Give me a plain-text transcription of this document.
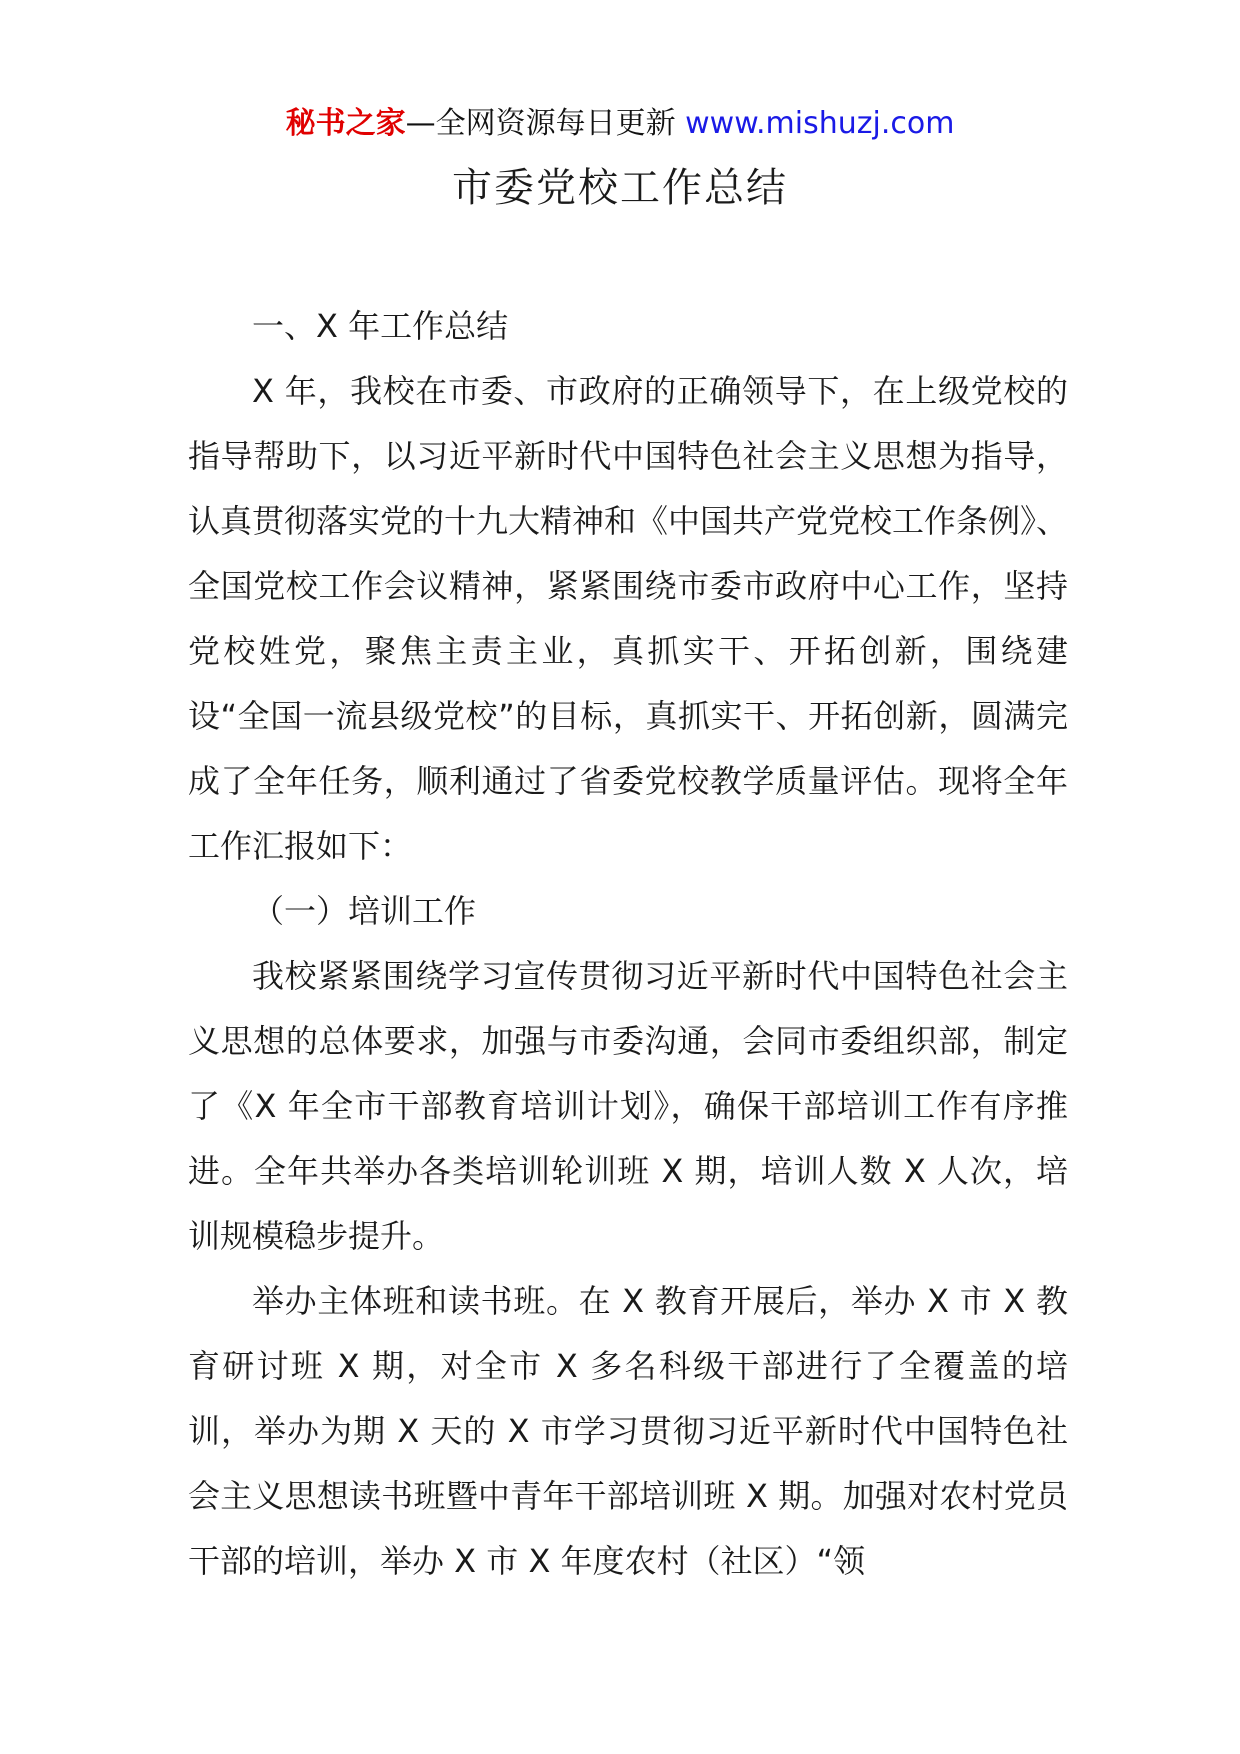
秘书之家—全网资源每日更新 www.mishuzj.com
市委党校工作总结

一、X 年工作总结

X 年，我校在市委、市政府的正确领导下，在上级党校的指导帮助下，以习近平新时代中国特色社会主义思想为指导，认真贯彻落实党的十九大精神和《中国共产党党校工作条例》、全国党校工作会议精神，紧紧围绕市委市政府中心工作，坚持党校姓党，聚焦主责主业，真抓实干、开拓创新，围绕建设“全国一流县级党校”的目标，真抓实干、开拓创新，圆满完成了全年任务，顺利通过了省委党校教学质量评估。现将全年工作汇报如下：

（一）培训工作

我校紧紧围绕学习宣传贯彻习近平新时代中国特色社会主义思想的总体要求，加强与市委沟通，会同市委组织部，制定了《X 年全市干部教育培训计划》，确保干部培训工作有序推进。全年共举办各类培训轮训班 X 期，培训人数 X 人次，培训规模稳步提升。

举办主体班和读书班。在 X 教育开展后，举办 X 市 X 教育研讨班 X 期，对全市 X 多名科级干部进行了全覆盖的培训，举办为期 X 天的 X 市学习贯彻习近平新时代中国特色社会主义思想读书班暨中青年干部培训班 X 期。加强对农村党员干部的培训，举办 X 市 X 年度农村（社区）“领
